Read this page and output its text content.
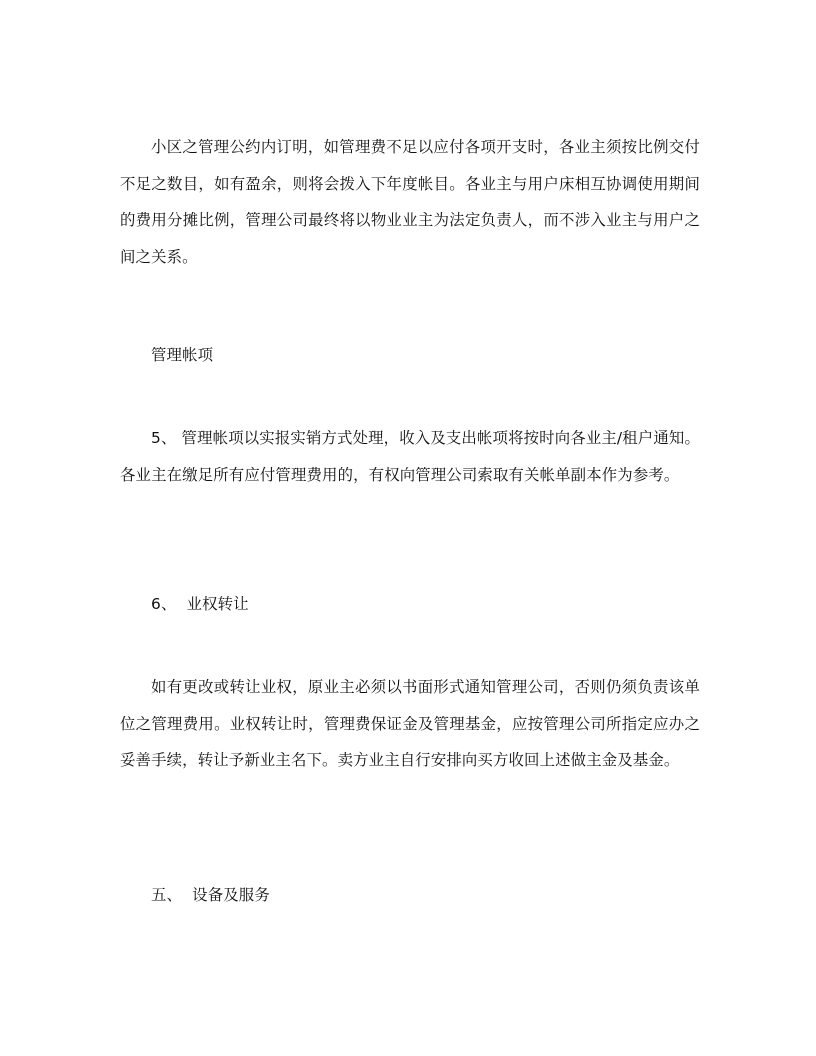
小区之管理公约内订明，如管理费不足以应付各项开支时，各业主须按比例交付不足之数目，如有盈余，则将会拨入下年度帐目。各业主与用户床相互协调使用期间的费用分摊比例，管理公司最终将以物业业主为法定负责人，而不涉入业主与用户之间之关系。

管理帐项

5、 管理帐项以实报实销方式处理，收入及支出帐项将按时向各业主/租户通知。各业主在缴足所有应付管理费用的，有权向管理公司索取有关帐单副本作为参考。

6、  业权转让

如有更改或转让业权，原业主必须以书面形式通知管理公司，否则仍须负责该单位之管理费用。业权转让时，管理费保证金及管理基金，应按管理公司所指定应办之妥善手续，转让予新业主名下。卖方业主自行安排向买方收回上述做主金及基金。

五、  设备及服务
